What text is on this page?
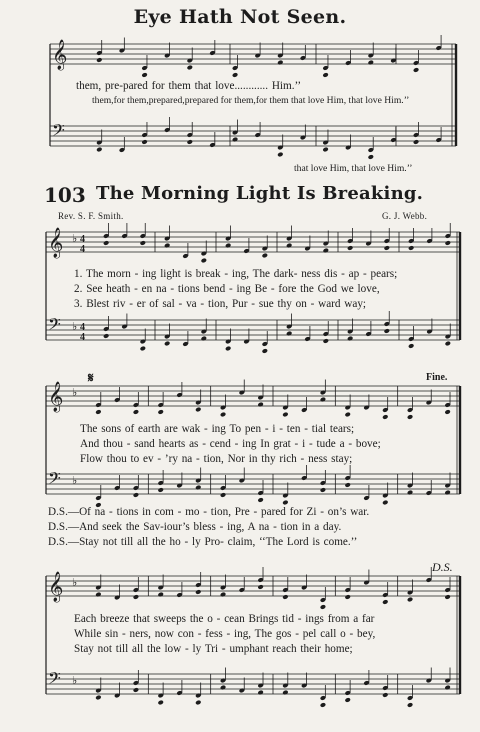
Eye Hath Not Seen.
𝄞
𝄢
𝄞
𝄢
♭
♭
4
4
4
4
𝄞
𝄢
♭
♭
𝄞
𝄢
♭
♭
them, pre-pared for them that love............ Him.’’
them,for them,prepared,prepared for them,for them that love Him, that love Him.’’
that love Him, that love Him.’’
103 The Morning Light Is Breaking.
Rev. S. F. Smith.	G. J. Webb.
1. The morn - ing light is break - ing, The dark- ness dis - ap - pears;
2. See heath - en na - tions bend - ing Be - fore the God we love,
3. Blest riv - er of sal - va - tion, Pur - sue thy on - ward way;
𝄋	Fine.
The sons of earth are wak - ing To pen - i - ten - tial tears;
And thou - sand hearts as - cend - ing In grat - i - tude a - bove;
Flow thou to ev - ’ry na - tion, Nor in thy rich - ness stay;
D.S.—Of na - tions in com - mo - tion, Pre - pared for Zi - on’s war.
D.S.—And seek the Sav-iour’s bless - ing, A na - tion in a day.
D.S.—Stay not till all the ho - ly Pro- claim, ‘‘The Lord is come.’’
D.S.
Each breeze that sweeps the o - cean Brings tid - ings from a far
While sin - ners, now con - fess - ing, The gos - pel call o - bey,
Stay not till all the low - ly Tri - umphant reach their home;
